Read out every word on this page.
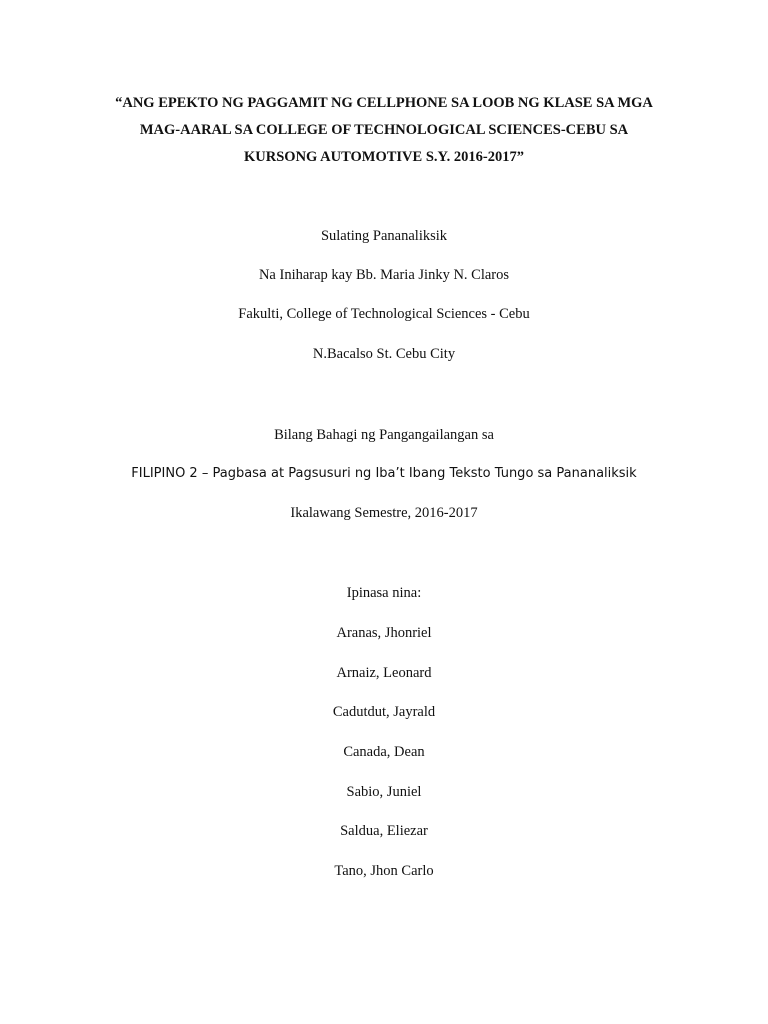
“ANG EPEKTO NG PAGGAMIT NG CELLPHONE SA LOOB NG KLASE SA MGA
MAG-AARAL SA COLLEGE OF TECHNOLOGICAL SCIENCES-CEBU SA
KURSONG AUTOMOTIVE S.Y. 2016-2017”
Sulating Pananaliksik
Na Iniharap kay Bb. Maria Jinky N. Claros
Fakulti, College of Technological Sciences - Cebu
N.Bacalso St. Cebu City
Bilang Bahagi ng Pangangailangan sa
FILIPINO 2 – Pagbasa at Pagsusuri ng Iba’t Ibang Teksto Tungo sa Pananaliksik
Ikalawang Semestre, 2016-2017
Ipinasa nina:
Aranas, Jhonriel
Arnaiz, Leonard
Cadutdut, Jayrald
Canada, Dean
Sabio, Juniel
Saldua, Eliezar
Tano, Jhon Carlo
